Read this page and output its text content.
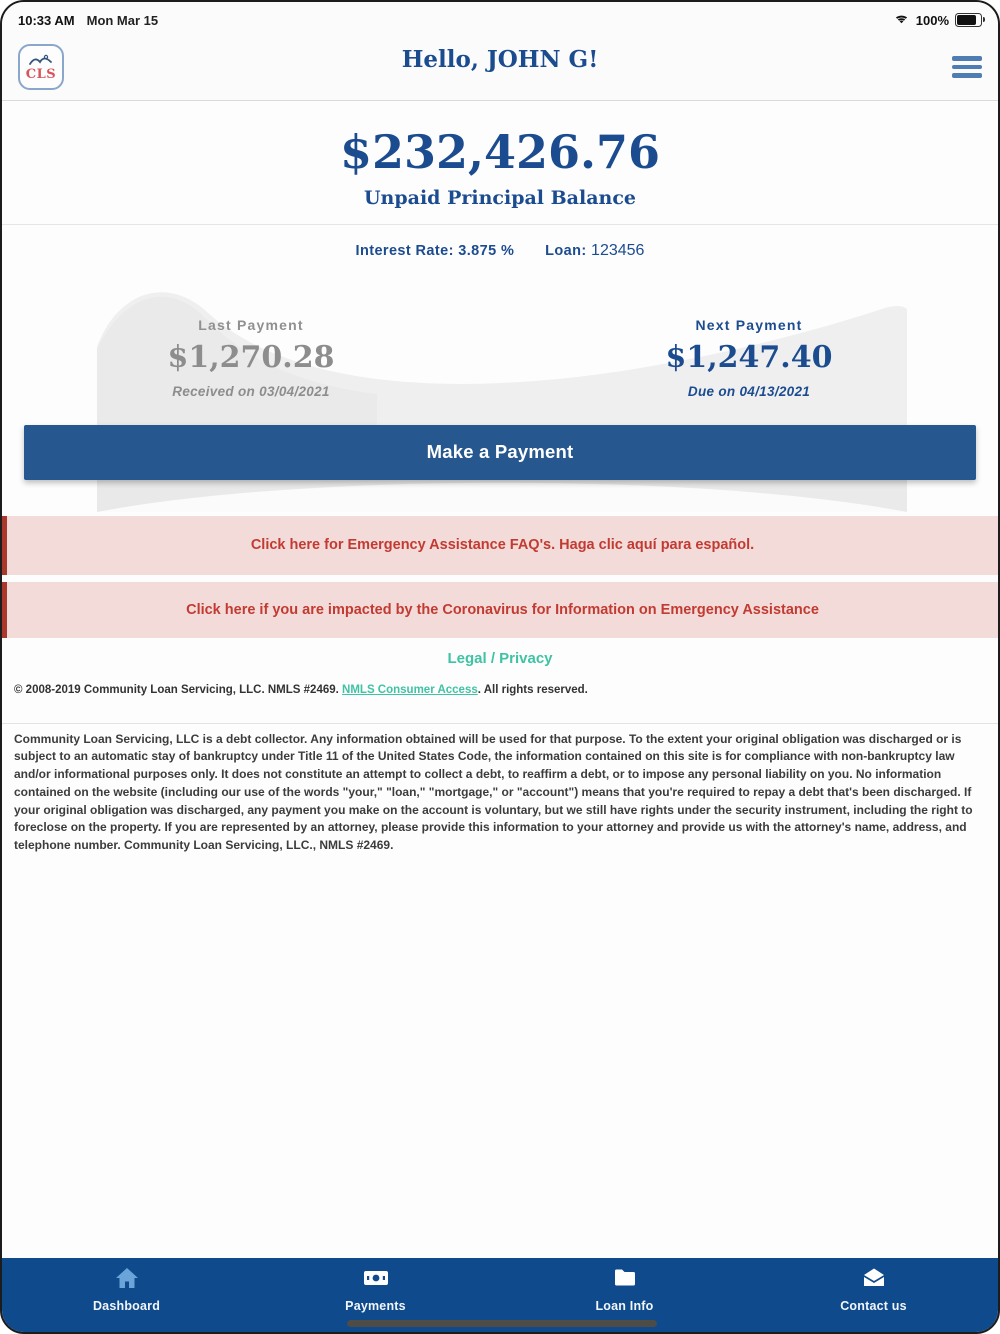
10:33 AM Mon Mar 15	100%
CLS
Hello, JOHN G!
$232,426.76
Unpaid Principal Balance
Interest Rate: 3.875 % Loan: 123456
Last Payment
$1,270.28
Received on 03/04/2021
Next Payment
$1,247.40
Due on 04/13/2021
Make a Payment

Click here for Emergency Assistance FAQ's. Haga clic aquí para español.

Click here if you are impacted by the Coronavirus for Information on Emergency Assistance

Legal / Privacy
© 2008-2019 Community Loan Servicing, LLC. NMLS #2469. NMLS Consumer Access. All rights reserved.

Community Loan Servicing, LLC is a debt collector. Any information obtained will be used for that purpose. To the extent your original obligation was discharged or is subject to an automatic stay of bankruptcy under Title 11 of the United States Code, the information contained on this site is for compliance with non-bankruptcy law and/or informational purposes only. It does not constitute an attempt to collect a debt, to reaffirm a debt, or to impose any personal liability on you. No information contained on the website (including our use of the words "your," "loan," "mortgage," or "account") means that you're required to repay a debt that's been discharged. If your original obligation was discharged, any payment you make on the account is voluntary, but we still have rights under the security instrument, including the right to foreclose on the property. If you are represented by an attorney, please provide this information to your attorney and provide us with the attorney's name, address, and telephone number. Community Loan Servicing, LLC., NMLS #2469.

Dashboard	Payments	Loan Info	Contact us
